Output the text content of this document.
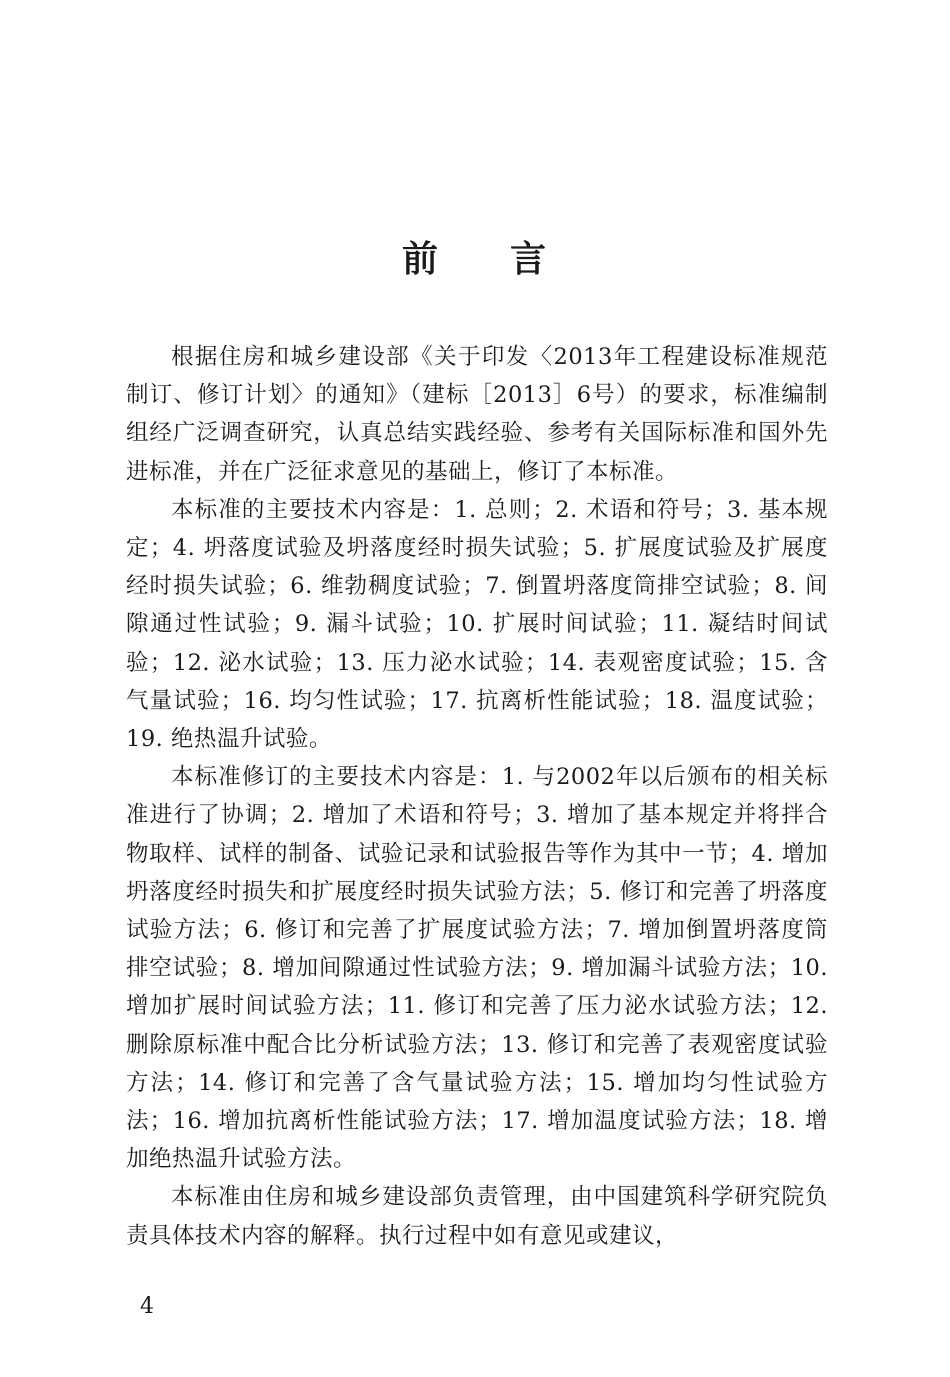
前 言

根据住房和城乡建设部《关于印发〈2013年工程建设标准规范制订、修订计划〉的通知》（建标［2013］6号）的要求，标准编制组经广泛调查研究，认真总结实践经验、参考有关国际标准和国外先进标准，并在广泛征求意见的基础上，修订了本标准。

本标准的主要技术内容是：1. 总则；2. 术语和符号；3. 基本规定；4. 坍落度试验及坍落度经时损失试验；5. 扩展度试验及扩展度经时损失试验；6. 维勃稠度试验；7. 倒置坍落度筒排空试验；8. 间隙通过性试验；9. 漏斗试验；10. 扩展时间试验；11. 凝结时间试验；12. 泌水试验；13. 压力泌水试验；14. 表观密度试验；15. 含气量试验；16. 均匀性试验；17. 抗离析性能试验；18. 温度试验；19. 绝热温升试验。

本标准修订的主要技术内容是：1. 与2002年以后颁布的相关标准进行了协调；2. 增加了术语和符号；3. 增加了基本规定并将拌合物取样、试样的制备、试验记录和试验报告等作为其中一节；4. 增加坍落度经时损失和扩展度经时损失试验方法；5. 修订和完善了坍落度试验方法；6. 修订和完善了扩展度试验方法；7. 增加倒置坍落度筒排空试验；8. 增加间隙通过性试验方法；9. 增加漏斗试验方法；10. 增加扩展时间试验方法；11. 修订和完善了压力泌水试验方法；12. 删除原标准中配合比分析试验方法；13. 修订和完善了表观密度试验方法；14. 修订和完善了含气量试验方法；15. 增加均匀性试验方法；16. 增加抗离析性能试验方法；17. 增加温度试验方法；18. 增加绝热温升试验方法。

本标准由住房和城乡建设部负责管理，由中国建筑科学研究院负责具体技术内容的解释。执行过程中如有意见或建议，

4
